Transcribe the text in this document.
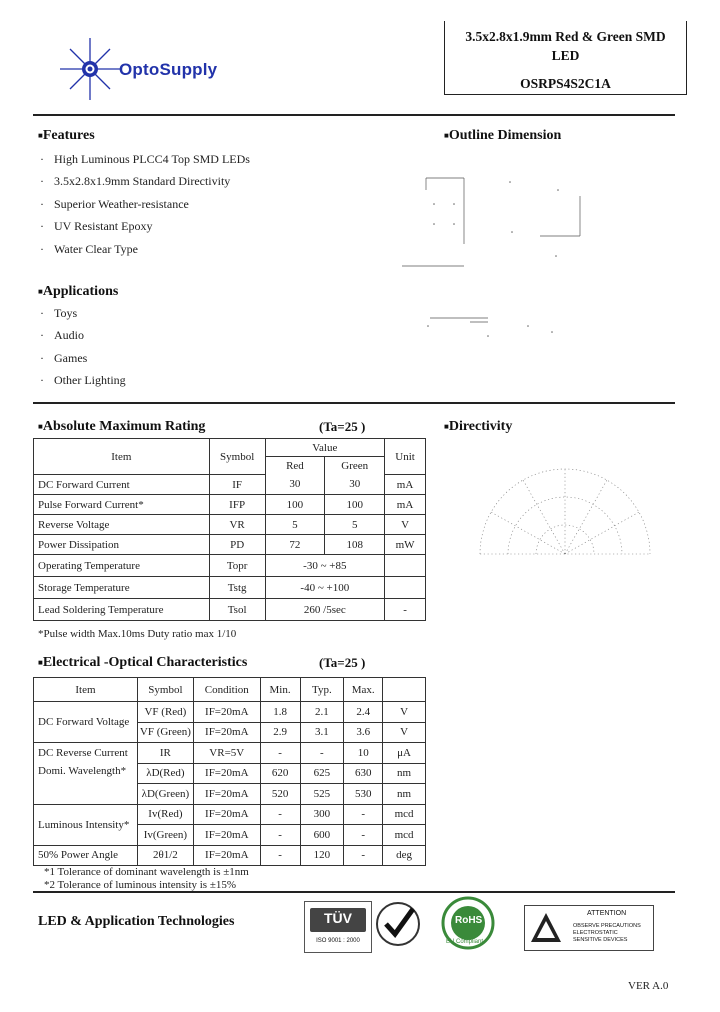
OptoSupply
3.5x2.8x1.9mm Red & Green SMD
LED
OSRPS4S2C1A
■Features
· High Luminous PLCC4 Top SMD LEDs
· 3.5x2.8x1.9mm Standard Directivity
· Superior Weather-resistance
· UV Resistant Epoxy
· Water Clear Type
■Applications
· Toys
· Audio
· Games
· Other Lighting
■Outline Dimension
■Directivity
■Absolute Maximum Rating	(Ta=25 )
Item	Symbol	Value		Unit
		Red	Green	
DC Forward Current	IF	30	30	mA
Pulse Forward Current*	IFP	100	100	mA
Reverse Voltage	VR	5	5	V
Power Dissipation	PD	72	108	mW
Operating Temperature	Topr	-30 ~ +85		
Storage Temperature	Tstg	-40 ~ +100		
Lead Soldering Temperature	Tsol	260 /5sec		-
*Pulse width Max.10ms Duty ratio max 1/10
■Electrical -Optical Characteristics	(Ta=25 )
Item	Symbol	Condition	Min.	Typ.	Max.	
DC Forward Voltage	VF (Red)	IF=20mA	1.8	2.1	2.4	V
	VF (Green)	IF=20mA	2.9	3.1	3.6	V
DC Reverse Current	IR	VR=5V	-	-	10	μA
Domi. Wavelength*	λD(Red)	IF=20mA	620	625	630	nm
	λD(Green)	IF=20mA	520	525	530	nm
Luminous Intensity*	Iv(Red)	IF=20mA	-	300	-	mcd
	Iv(Green)	IF=20mA	-	600	-	mcd
50% Power Angle	2θ1/2	IF=20mA	-	120	-	deg
*1 Tolerance of dominant wavelength is ±1nm
*2 Tolerance of luminous intensity is ±15%
LED & Application Technologies	TÜV
ISO 9001 : 2000
RoHS
EU Compliant
ATTENTION
OBSERVE PRECAUTIONS
ELECTROSTATIC
SENSITIVE DEVICES
VER A.0
